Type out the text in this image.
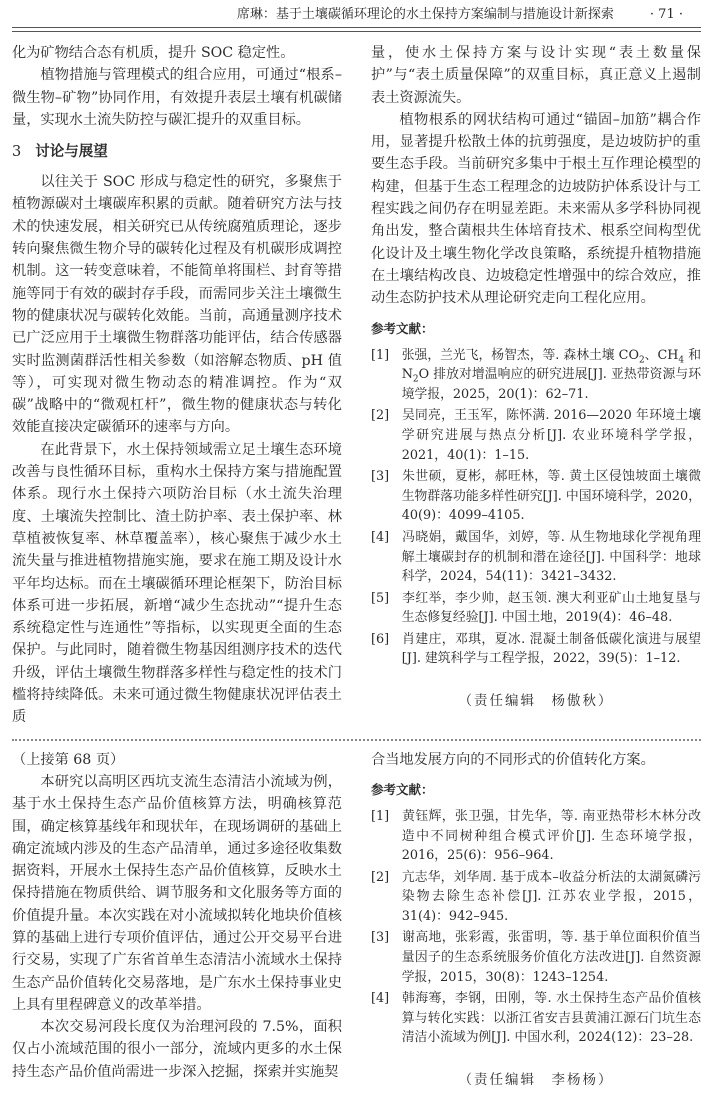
席琳：基于土壤碳循环理论的水土保持方案编制与措施设计新探索	· 71 ·

化为矿物结合态有机质，提升 SOC 稳定性。

植物措施与管理模式的组合应用，可通过“根系–微生物–矿物”协同作用，有效提升表层土壤有机碳储量，实现水土流失防控与碳汇提升的双重目标。

3 讨论与展望

以往关于 SOC 形成与稳定性的研究，多聚焦于植物源碳对土壤碳库积累的贡献。随着研究方法与技术的快速发展，相关研究已从传统腐殖质理论，逐步转向聚焦微生物介导的碳转化过程及有机碳形成调控机制。这一转变意味着，不能简单将围栏、封育等措施等同于有效的碳封存手段，而需同步关注土壤微生物的健康状况与碳转化效能。当前，高通量测序技术已广泛应用于土壤微生物群落功能评估，结合传感器实时监测菌群活性相关参数（如溶解态物质、pH 值等），可实现对微生物动态的精准调控。作为“双碳”战略中的“微观杠杆”，微生物的健康状态与转化效能直接决定碳循环的速率与方向。

在此背景下，水土保持领域需立足土壤生态环境改善与良性循环目标，重构水土保持方案与措施配置体系。现行水土保持六项防治目标（水土流失治理度、土壤流失控制比、渣土防护率、表土保护率、林草植被恢复率、林草覆盖率），核心聚焦于减少水土流失量与推进植物措施实施，要求在施工期及设计水平年均达标。而在土壤碳循环理论框架下，防治目标体系可进一步拓展，新增“减少生态扰动”“提升生态系统稳定性与连通性”等指标，以实现更全面的生态保护。与此同时，随着微生物基因组测序技术的迭代升级，评估土壤微生物群落多样性与稳定性的技术门槛将持续降低。未来可通过微生物健康状况评估表土质

量，使水土保持方案与设计实现“表土数量保护”与“表土质量保障”的双重目标，真正意义上遏制表土资源流失。

植物根系的网状结构可通过“锚固–加筋”耦合作用，显著提升松散土体的抗剪强度，是边坡防护的重要生态手段。当前研究多集中于根土互作理论模型的构建，但基于生态工程理念的边坡防护体系设计与工程实践之间仍存在明显差距。未来需从多学科协同视角出发，整合菌根共生体培育技术、根系空间构型优化设计及土壤生物化学改良策略，系统提升植物措施在土壤结构改良、边坡稳定性增强中的综合效应，推动生态防护技术从理论研究走向工程化应用。

参考文献：
[1] 张强，兰光飞，杨智杰，等. 森林土壤 $CO_2$、$CH_4$ 和 $N_2O$ 排放对增温响应的研究进展[J]. 亚热带资源与环境学报，2025，20(1)：62–71.
[2] 吴同亮，王玉军，陈怀满. 2016—2020 年环境土壤学研究进展与热点分析[J]. 农业环境科学学报，2021，40(1)：1–15.
[3] 朱世硕，夏彬，郝旺林，等. 黄土区侵蚀坡面土壤微生物群落功能多样性研究[J]. 中国环境科学，2020，40(9)：4099–4105.
[4] 冯晓娟，戴国华，刘婷，等. 从生物地球化学视角理解土壤碳封存的机制和潜在途径[J]. 中国科学：地球科学，2024，54(11)：3421–3432.
[5] 李红举，李少帅，赵玉领. 澳大利亚矿山土地复垦与生态修复经验[J]. 中国土地，2019(4)：46–48.
[6] 肖建庄，邓琪，夏冰. 混凝土制备低碳化演进与展望[J]. 建筑科学与工程学报，2022，39(5)：1–12.
（责任编辑　杨傲秋）

（上接第 68 页）

本研究以高明区西坑支流生态清洁小流域为例，基于水土保持生态产品价值核算方法，明确核算范围，确定核算基线年和现状年，在现场调研的基础上确定流域内涉及的生态产品清单，通过多途径收集数据资料，开展水土保持生态产品价值核算，反映水土保持措施在物质供给、调节服务和文化服务等方面的价值提升量。本次实践在对小流域拟转化地块价值核算的基础上进行专项价值评估，通过公开交易平台进行交易，实现了广东省首单生态清洁小流域水土保持生态产品价值转化交易落地，是广东水土保持事业史上具有里程碑意义的改革举措。

本次交易河段长度仅为治理河段的 7.5%，面积仅占小流域范围的很小一部分，流域内更多的水土保持生态产品价值尚需进一步深入挖掘，探索并实施契

合当地发展方向的不同形式的价值转化方案。

参考文献：
[1] 黄钰辉，张卫强，甘先华，等. 南亚热带杉木林分改造中不同树种组合模式评价[J]. 生态环境学报，2016，25(6)：956–964.
[2] 亢志华，刘华周. 基于成本–收益分析法的太湖氮磷污染物去除生态补偿[J]. 江苏农业学报，2015，31(4)：942–945.
[3] 谢高地，张彩霞，张雷明，等. 基于单位面积价值当量因子的生态系统服务价值化方法改进[J]. 自然资源学报，2015，30(8)：1243–1254.
[4] 韩海骞，李钢，田刚，等. 水土保持生态产品价值核算与转化实践：以浙江省安吉县黄浦江源石门坑生态清洁小流域为例[J]. 中国水利，2024(12)：23–28.
（责任编辑　李杨杨）
